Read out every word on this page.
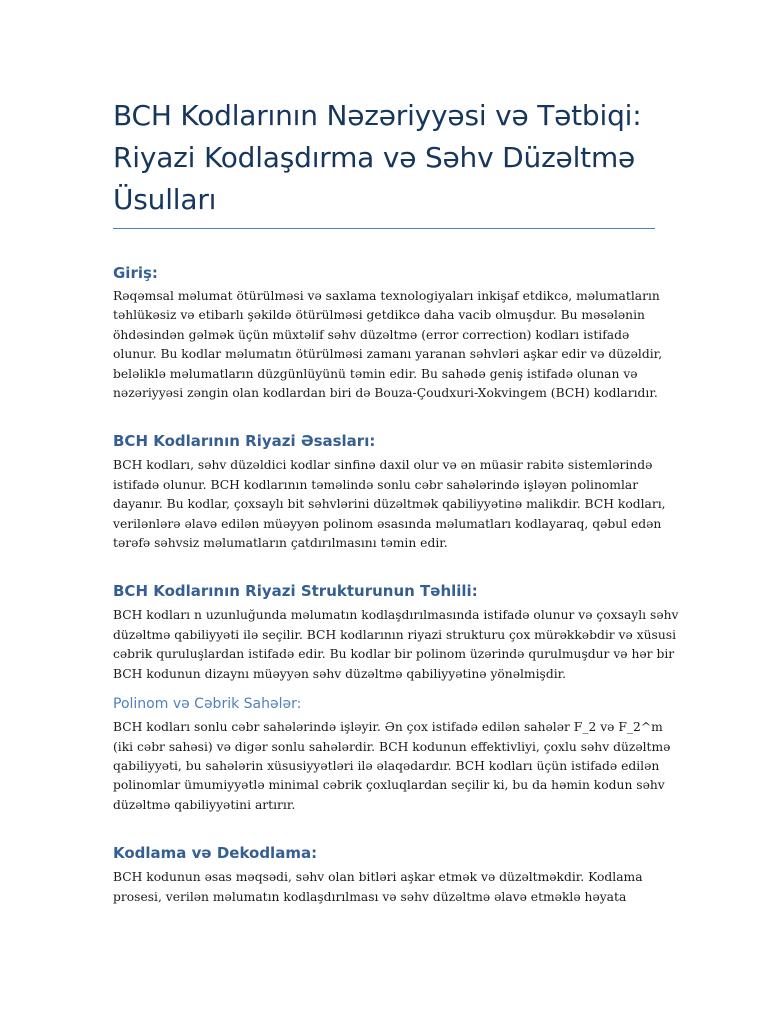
BCH Kodlarının Nəzəriyyəsi və Tətbiqi:
Riyazi Kodlaşdırma və Səhv Düzəltmə
Üsulları
Giriş:

Rəqəmsal məlumat ötürülməsi və saxlama texnologiyaları inkişaf etdikcə, məlumatların
təhlükəsiz və etibarlı şəkildə ötürülməsi getdikcə daha vacib olmuşdur. Bu məsələnin
öhdəsindən gəlmək üçün müxtəlif səhv düzəltmə (error correction) kodları istifadə
olunur. Bu kodlar məlumatın ötürülməsi zamanı yaranan səhvləri aşkar edir və düzəldir,
beləliklə məlumatların düzgünlüyünü təmin edir. Bu sahədə geniş istifadə olunan və
nəzəriyyəsi zəngin olan kodlardan biri də Bouza-Çoudxuri-Xokvingem (BCH) kodlarıdır.

BCH Kodlarının Riyazi Əsasları:

BCH kodları, səhv düzəldici kodlar sinfinə daxil olur və ən müasir rabitə sistemlərində
istifadə olunur. BCH kodlarının təməlində sonlu cəbr sahələrində işləyən polinomlar
dayanır. Bu kodlar, çoxsaylı bit səhvlərini düzəltmək qabiliyyətinə malikdir. BCH kodları,
verilənlərə əlavə edilən müəyyən polinom əsasında məlumatları kodlayaraq, qəbul edən
tərəfə səhvsiz məlumatların çatdırılmasını təmin edir.

BCH Kodlarının Riyazi Strukturunun Təhlili:

BCH kodları n uzunluğunda məlumatın kodlaşdırılmasında istifadə olunur və çoxsaylı səhv
düzəltmə qabiliyyəti ilə seçilir. BCH kodlarının riyazi strukturu çox mürəkkəbdir və xüsusi
cəbrik quruluşlardan istifadə edir. Bu kodlar bir polinom üzərində qurulmuşdur və hər bir
BCH kodunun dizaynı müəyyən səhv düzəltmə qabiliyyətinə yönəlmişdir.

Polinom və Cəbrik Sahələr:

BCH kodları sonlu cəbr sahələrində işləyir. Ən çox istifadə edilən sahələr F_2 və F_2^m
(iki cəbr sahəsi) və digər sonlu sahələrdir. BCH kodunun effektivliyi, çoxlu səhv düzəltmə
qabiliyyəti, bu sahələrin xüsusiyyətləri ilə əlaqədardır. BCH kodları üçün istifadə edilən
polinomlar ümumiyyətlə minimal cəbrik çoxluqlardan seçilir ki, bu da həmin kodun səhv
düzəltmə qabiliyyətini artırır.

Kodlama və Dekodlama:

BCH kodunun əsas məqsədi, səhv olan bitləri aşkar etmək və düzəltməkdir. Kodlama
prosesi, verilən məlumatın kodlaşdırılması və səhv düzəltmə əlavə etməklə həyata
